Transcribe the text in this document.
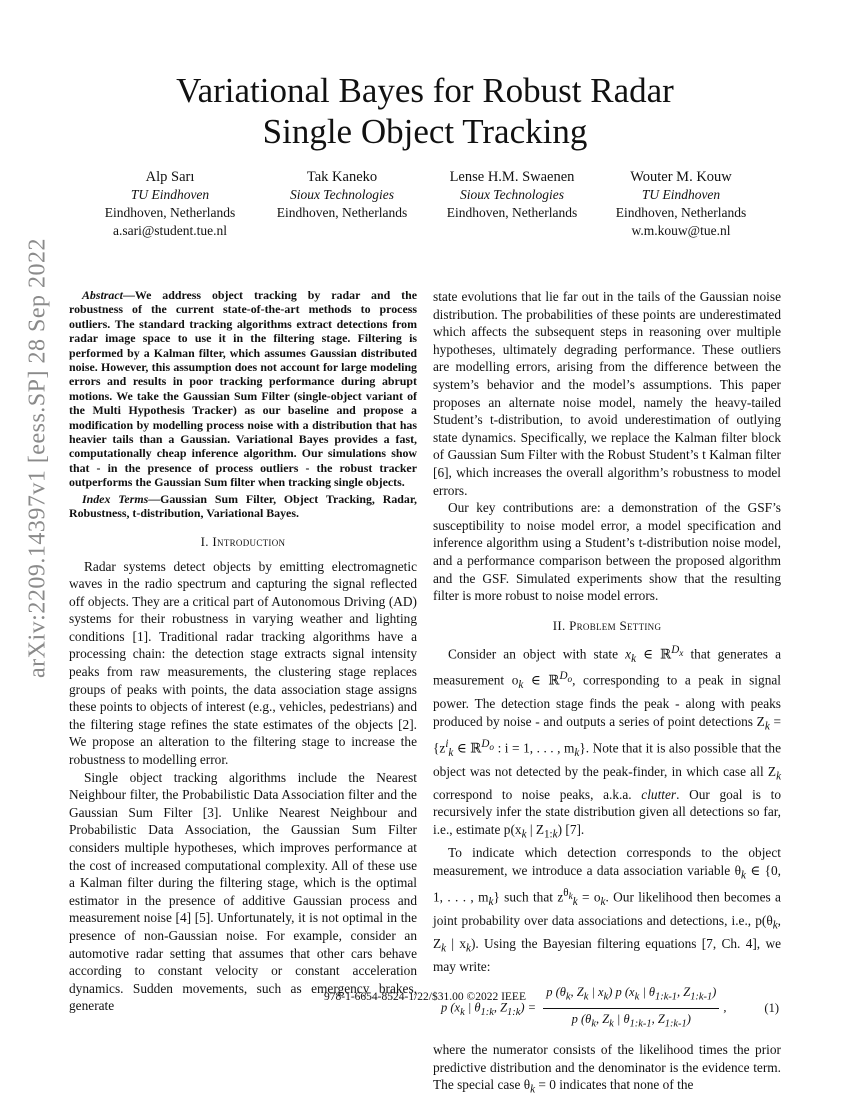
Variational Bayes for Robust Radar
Single Object Tracking
Alp Sarı
TU Eindhoven
Eindhoven, Netherlands
a.sari@student.tue.nl
Tak Kaneko
Sioux Technologies
Eindhoven, Netherlands
Lense H.M. Swaenen
Sioux Technologies
Eindhoven, Netherlands
Wouter M. Kouw
TU Eindhoven
Eindhoven, Netherlands
w.m.kouw@tue.nl
arXiv:2209.14397v1 [eess.SP] 28 Sep 2022	Abstract—We address object tracking by radar and the robustness of the current state-of-the-art methods to process outliers. The standard tracking algorithms extract detections from radar image space to use it in the filtering stage. Filtering is performed by a Kalman filter, which assumes Gaussian distributed noise. However, this assumption does not account for large modeling errors and results in poor tracking performance during abrupt motions. We take the Gaussian Sum Filter (single-object variant of the Multi Hypothesis Tracker) as our baseline and propose a modification by modelling process noise with a distribution that has heavier tails than a Gaussian. Variational Bayes provides a fast, computationally cheap inference algorithm. Our simulations show that - in the presence of process outliers - the robust tracker outperforms the Gaussian Sum filter when tracking single objects.

Index Terms—Gaussian Sum Filter, Object Tracking, Radar, Robustness, t-distribution, Variational Bayes.

I. Introduction

Radar systems detect objects by emitting electromagnetic waves in the radio spectrum and capturing the signal reflected off objects. They are a critical part of Autonomous Driving (AD) systems for their robustness in varying weather and lighting conditions [1]. Traditional radar tracking algorithms have a processing chain: the detection stage extracts signal intensity peaks from raw measurements, the clustering stage replaces groups of peaks with points, the data association stage assigns these points to objects of interest (e.g., vehicles, pedestrians) and the filtering stage refines the state estimates of the objects [2]. We propose an alteration to the filtering stage to increase the robustness to modelling error.

Single object tracking algorithms include the Nearest Neighbour filter, the Probabilistic Data Association filter and the Gaussian Sum Filter [3]. Unlike Nearest Neighbour and Probabilistic Data Association, the Gaussian Sum Filter considers multiple hypotheses, which improves performance at the cost of increased computational complexity. All of these use a Kalman filter during the filtering stage, which is the optimal estimator in the presence of additive Gaussian process and measurement noise [4] [5]. Unfortunately, it is not optimal in the presence of non-Gaussian noise. For example, consider an automotive radar setting that assumes that other cars behave according to constant velocity or constant acceleration dynamics. Sudden movements, such as emergency brakes, generate

state evolutions that lie far out in the tails of the Gaussian noise distribution. The probabilities of these points are underestimated which affects the subsequent steps in reasoning over multiple hypotheses, ultimately degrading performance. These outliers are modelling errors, arising from the difference between the system’s behavior and the model’s assumptions. This paper proposes an alternate noise model, namely the heavy-tailed Student’s t-distribution, to avoid underestimation of outlying state dynamics. Specifically, we replace the Kalman filter block of Gaussian Sum Filter with the Robust Student’s t Kalman filter [6], which increases the overall algorithm’s robustness to model errors.

Our key contributions are: a demonstration of the GSF’s susceptibility to noise model error, a model specification and inference algorithm using a Student’s t-distribution noise model, and a performance comparison between the proposed algorithm and the GSF. Simulated experiments show that the resulting filter is more robust to noise model errors.

II. Problem Setting

Consider an object with state $x_k$ ∈ ℝ$^{D_x}$ that generates a measurement $o_k$ ∈ ℝ$^{D_o}$, corresponding to a peak in signal power. The detection stage finds the peak - along with peaks produced by noise - and outputs a series of point detections $Z_k = \{z^i_k$ ∈ ℝ$^{D_o}$ : i = 1, . . . , $m_k$}. Note that it is also possible that the object was not detected by the peak-finder, in which case all $Z_k$ correspond to noise peaks, a.k.a. clutter. Our goal is to recursively infer the state distribution given all detections so far, i.e., estimate $p(x_k$ | $Z_{1:k}$) [7].

To indicate which detection corresponds to the object measurement, we introduce a data association variable $\theta_k$ ∈ {0, 1, . . . , $m_k$} such that $z^{\theta_k}_k = o_k$. Our likelihood then becomes a joint probability over data associations and detections, i.e., $p(\theta_k$, $Z_k$ | $x_k$). Using the Bayesian filtering equations [7, Ch. 4], we may write:

p ($x_k$ | $\theta_{1:k}$, $Z_{1:k}) = \frac{p (\theta_k, Z_k | x_k) p (x_k | \theta_{1:k-1}, Z_{1:k-1})}{p (\theta_k, Z_k | \theta_{1:k-1}, Z_{1:k-1})}$ ,	(1)

where the numerator consists of the likelihood times the prior predictive distribution and the denominator is the evidence term. The special case $\theta_k = 0$ indicates that none of the

978-1-6654-8524-1/22/$31.00 ©2022 IEEE
